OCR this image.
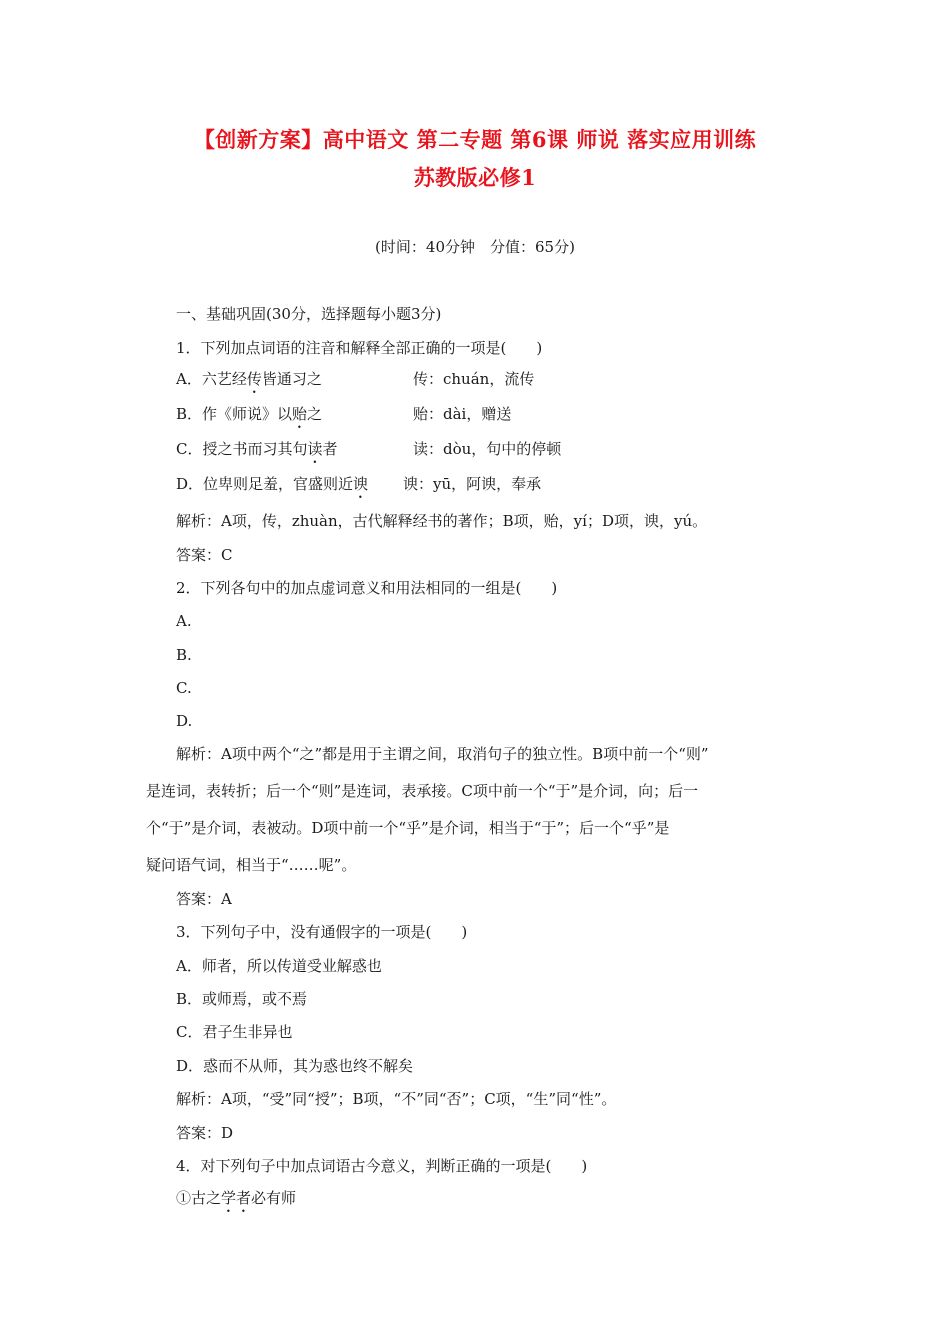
【创新方案】高中语文 第二专题 第6课 师说 落实应用训练
苏教版必修1
(时间：40分钟　分值：65分)
一、基础巩固(30分，选择题每小题3分)
1．下列加点词语的注音和解释全部正确的一项是(　　)
A．六艺经传皆通习之	传：chuán，流传
B．作《师说》以贻之	贻：dài，赠送
C．授之书而习其句读者	读：dòu，句中的停顿
D．位卑则足羞，官盛则近谀 谀：yū，阿谀，奉承
解析：A项，传，zhuàn，古代解释经书的著作；B项，贻，yí；D项，谀，yú。
答案：C
2．下列各句中的加点虚词意义和用法相同的一组是(　　)
A.
B.
C.
D.
解析：A项中两个“之”都是用于主谓之间，取消句子的独立性。B项中前一个“则”
是连词，表转折；后一个“则”是连词，表承接。C项中前一个“于”是介词，向；后一
个“于”是介词，表被动。D项中前一个“乎”是介词，相当于“于”；后一个“乎”是
疑问语气词，相当于“……呢”。
答案：A
3．下列句子中，没有通假字的一项是(　　)
A．师者，所以传道受业解惑也
B．或师焉，或不焉
C．君子生非异也
D．惑而不从师，其为惑也终不解矣
解析：A项，“受”同“授”；B项，“不”同“否”；C项，“生”同“性”。
答案：D
4．对下列句子中加点词语古今意义，判断正确的一项是(　　)
①古之学者必有师
